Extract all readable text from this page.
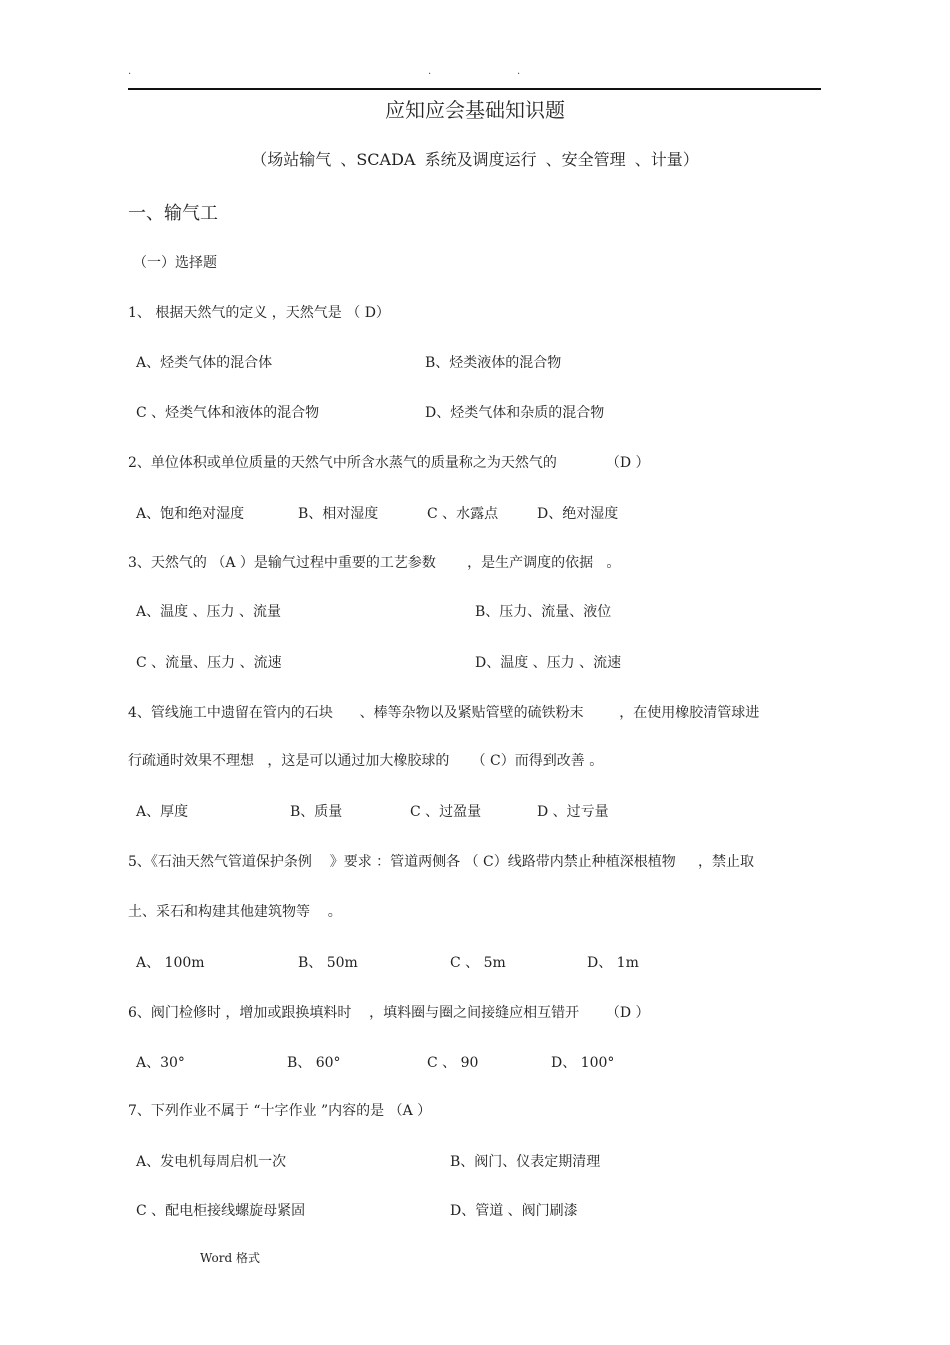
.	.	.
应知应会基础知识题
（场站输气 、SCADA 系统及调度运行 、安全管理 、计量）
一、输气工
（一）选择题
1、 根据天然气的定义 ，天然气是 （ D）
A、烃类气体的混合体	B、烃类液体的混合物
C 、烃类气体和液体的混合物	D、烃类气体和杂质的混合物
2、单位体积或单位质量的天然气中所含水蒸气的质量称之为天然气的           （D ）
A、饱和绝对湿度	B、相对湿度	C 、水露点	D、绝对湿度
3、天然气的 （A ）是输气过程中重要的工艺参数       ，是生产调度的依据   。
A、温度 、压力 、流量	B、压力、流量、液位
C 、流量、压力 、流速	D、温度 、压力 、流速
4、管线施工中遗留在管内的石块      、棒等杂物以及紧贴管壁的硫铁粉末        ，在使用橡胶清管球进
行疏通时效果不理想   ，这是可以通过加大橡胶球的     （ C）而得到改善 。
A、厚度	B、质量	C 、过盈量	D 、过亏量
5、《石油天然气管道保护条例    》要求 ：管道两侧各 （ C）线路带内禁止种植深根植物     ，禁止取
土、采石和构建其他建筑物等    。
A、 100m	B、 50m	C 、 5m	D、 1m
6、阀门检修时 ，增加或跟换填料时    ，填料圈与圈之间接缝应相互错开      （D ）
A、30°	B、 60°	C 、 90	D、 100°
7、下列作业不属于 “十字作业 ”内容的是 （A ）
A、发电机每周启机一次	B、阀门、仪表定期清理
C 、配电柜接线螺旋母紧固	D、管道 、阀门刷漆
Word 格式
